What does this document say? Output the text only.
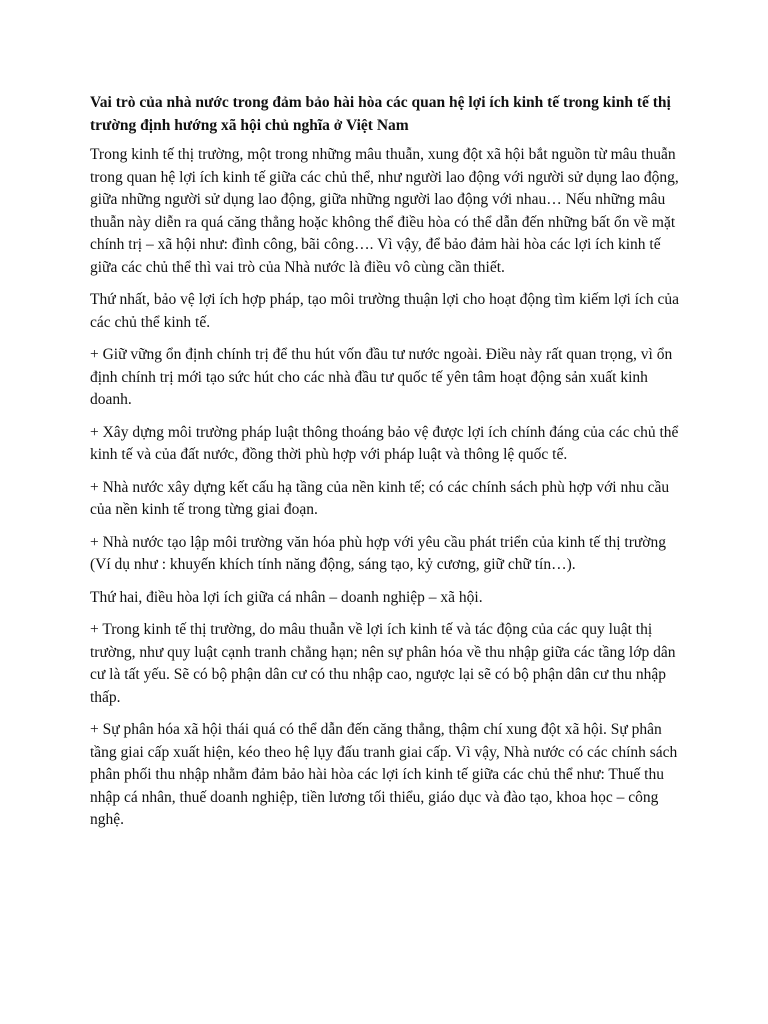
Vai trò của nhà nước trong đảm bảo hài hòa các quan hệ lợi ích kinh tế trong kinh tế thị trường định hướng xã hội chủ nghĩa ở Việt Nam
Trong kinh tế thị trường, một trong những mâu thuẫn, xung đột xã hội bắt nguồn từ mâu thuẫn trong quan hệ lợi ích kinh tế giữa các chủ thể, như người lao động với người sử dụng lao động, giữa những người sử dụng lao động, giữa những người lao động với nhau… Nếu những mâu thuẫn này diễn ra quá căng thẳng hoặc không thể điều hòa có thể dẫn đến những bất ổn về mặt chính trị – xã hội như: đình công, bãi công…. Vì vậy, để bảo đảm hài hòa các lợi ích kinh tế giữa các chủ thể thì vai trò của Nhà nước là điều vô cùng cần thiết.
Thứ nhất, bảo vệ lợi ích hợp pháp, tạo môi trường thuận lợi cho hoạt động tìm kiếm lợi ích của các chủ thể kinh tế.
+ Giữ vững ổn định chính trị để thu hút vốn đầu tư nước ngoài. Điều này rất quan trọng, vì ổn định chính trị mới tạo sức hút cho các nhà đầu tư quốc tế yên tâm hoạt động sản xuất kinh doanh.
+ Xây dựng môi trường pháp luật thông thoáng bảo vệ được lợi ích chính đáng của các chủ thể kinh tế và của đất nước, đồng thời phù hợp với pháp luật và thông lệ quốc tế.
+ Nhà nước xây dựng kết cấu hạ tầng của nền kinh tế; có các chính sách phù hợp với nhu cầu của nền kinh tế trong từng giai đoạn.
+ Nhà nước tạo lập môi trường văn hóa phù hợp với yêu cầu phát triển của kinh tế thị trường (Ví dụ như : khuyến khích tính năng động, sáng tạo, kỷ cương, giữ chữ tín…).
Thứ hai, điều hòa lợi ích giữa cá nhân – doanh nghiệp – xã hội.
+ Trong kinh tế thị trường, do mâu thuẫn về lợi ích kinh tế và tác động của các quy luật thị trường, như quy luật cạnh tranh chẳng hạn; nên sự phân hóa về thu nhập giữa các tầng lớp dân cư là tất yếu. Sẽ có bộ phận dân cư có thu nhập cao, ngược lại sẽ có bộ phận dân cư thu nhập thấp.
+ Sự phân hóa xã hội thái quá có thể dẫn đến căng thẳng, thậm chí xung đột xã hội. Sự phân tầng giai cấp xuất hiện, kéo theo hệ lụy đấu tranh giai cấp. Vì vậy, Nhà nước có các chính sách phân phối thu nhập nhằm đảm bảo hài hòa các lợi ích kinh tế giữa các chủ thể như: Thuế thu nhập cá nhân, thuế doanh nghiệp, tiền lương tối thiểu, giáo dục và đào tạo, khoa học – công nghệ.
